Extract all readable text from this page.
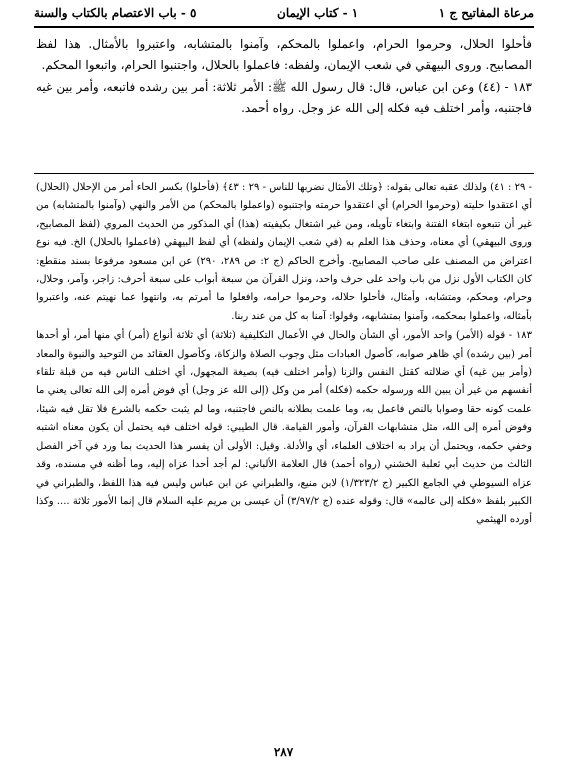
مرعاة المفاتيح ج ١
١ - كتاب الإيمان
٥ - باب الاعتصام بالكتاب والسنة

فأحلوا الحلال، وحرموا الحرام، واعملوا بالمحكم، وآمنوا بالمتشابه، واعتبروا بالأمثال. هذا لفظ المصابيح. وروى البيهقي في شعب الإيمان، ولفظه: فاعملوا بالحلال، واجتنبوا الحرام، واتبعوا المحكم.

١٨٣ - (٤٤) وعن ابن عباس، قال: قال رسول الله ﷺ: الأمر ثلاثة: أمر بين رشده فاتبعه، وأمر بين غيه فاجتنبه، وأمر اختلف فيه فكله إلى الله عز وجل. رواه أحمد.

- ٢٩ : ٤١) ولذلك عقبه تعالى بقوله: ﴿وتلك الأمثال نضربها للناس - ٢٩ : ٤٣﴾ (فأحلوا) بكسر الحاء أمر من الإحلال (الحلال) أي اعتقدوا حليته (وحرموا الحرام) أي اعتقدوا حرمته واجتنبوه (واعملوا بالمحكم) من الأمر والنهي (وآمنوا بالمتشابه) من غير أن تتبعوه ابتغاء الفتنة وابتغاء تأويله، ومن غير اشتغال بكيفيته (هذا) أي المذكور من الحديث المروي (لفظ المصابيح، وروى البيهقي) أي معناه، وحذف هذا العلم به (في شعب الإيمان ولفظه) أي لفظ البيهقي (فاعملوا بالحلال) الخ. فيه نوع اعتراض من المصنف على صاحب المصابيح. وأخرج الحاكم (ج ٢: ص ٢٨٩، ٢٩٠) عن ابن مسعود مرفوعا بسند منقطع: كان الكتاب الأول نزل من باب واحد على حرف واحد، ونزل القرآن من سبعة أبواب على سبعة أحرف: زاجر، وآمر، وحلال، وحرام، ومحكم، ومتشابه، وأمثال، فأحلوا حلاله، وحرموا حرامه، وافعلوا ما أمرتم به، وانتهوا عما نهيتم عنه، واعتبروا بأمثاله، واعملوا بمحكمه، وآمنوا بمتشابهه، وقولوا: آمنا به كل من عند ربنا.

١٨٣ - قوله (الأمر) واحد الأمور، أي الشأن والحال في الأعمال التكليفية (ثلاثة) أي ثلاثة أنواع (أمر) أي منها أمر، أو أحدها أمر (بين رشده) أي ظاهر صوابه، كأصول العبادات مثل وجوب الصلاة والزكاة، وكأصول العقائد من التوحيد والنبوة والمعاد (وأمر بين غيه) أي ضلالته كقتل النفس والزنا (وأمر اختلف فيه) بصيغة المجهول، أي اختلف الناس فيه من قبلة تلقاء أنفسهم من غير أن يبين الله ورسوله حكمه (فكله) أمر من وكل (إلى الله عز وجل) أي فوض أمره إلى الله تعالى يعني ما علمت كونه حقا وصوابا بالنص فاعمل به، وما علمت بطلانه بالنص فاجتنبه، وما لم يثبت حكمه بالشرع فلا تقل فيه شيئا، وفوض أمره إلى الله، مثل متشابهات القرآن، وأمور القيامة. قال الطيبي: قوله اختلف فيه يحتمل أن يكون معناه اشتبه وخفي حكمه، ويحتمل أن يراد به اختلاف العلماء، أي والأدلة. وقيل: الأولى أن يفسر هذا الحديث بما ورد في آخر الفصل الثالث من حديث أبي ثعلبة الخشني (رواه أحمد) قال العلامة الألباني: لم أجد أحدا عزاه إليه، وما أظنه في مسنده، وقد عزاه السيوطي في الجامع الكبير (ج ١/٣٢٣/٢) لابن منيع، والطبراني عن ابن عباس وليس فيه هذا اللفظ، والطبراني في الكبير بلفظ «فكله إلى عالمه» قال: وقوله عنده (ج ٣/٩٧/٢) أن عيسى بن مريم عليه السلام قال إنما الأمور ثلاثة .... وكذا أورده الهيثمي

٢٨٧
